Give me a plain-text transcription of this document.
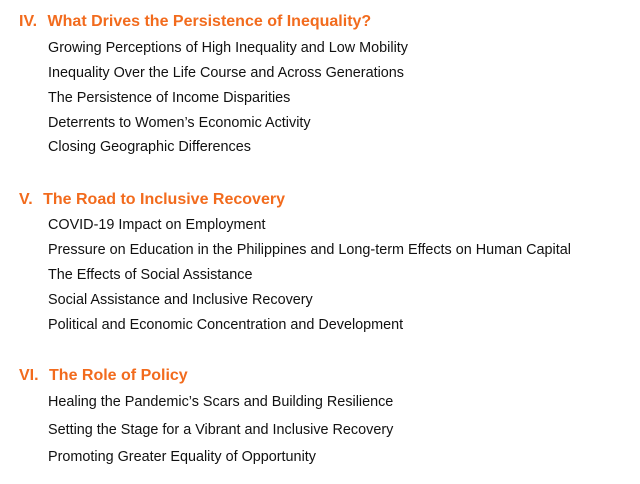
IV. What Drives the Persistence of Inequality?

Growing Perceptions of High Inequality and Low Mobility

Inequality Over the Life Course and Across Generations

The Persistence of Income Disparities

Deterrents to Women’s Economic Activity

Closing Geographic Differences

V. The Road to Inclusive Recovery

COVID-19 Impact on Employment

Pressure on Education in the Philippines and Long-term Effects on Human Capital

The Effects of Social Assistance

Social Assistance and Inclusive Recovery

Political and Economic Concentration and Development

VI. The Role of Policy

Healing the Pandemic’s Scars and Building Resilience

Setting the Stage for a Vibrant and Inclusive Recovery

Promoting Greater Equality of Opportunity
